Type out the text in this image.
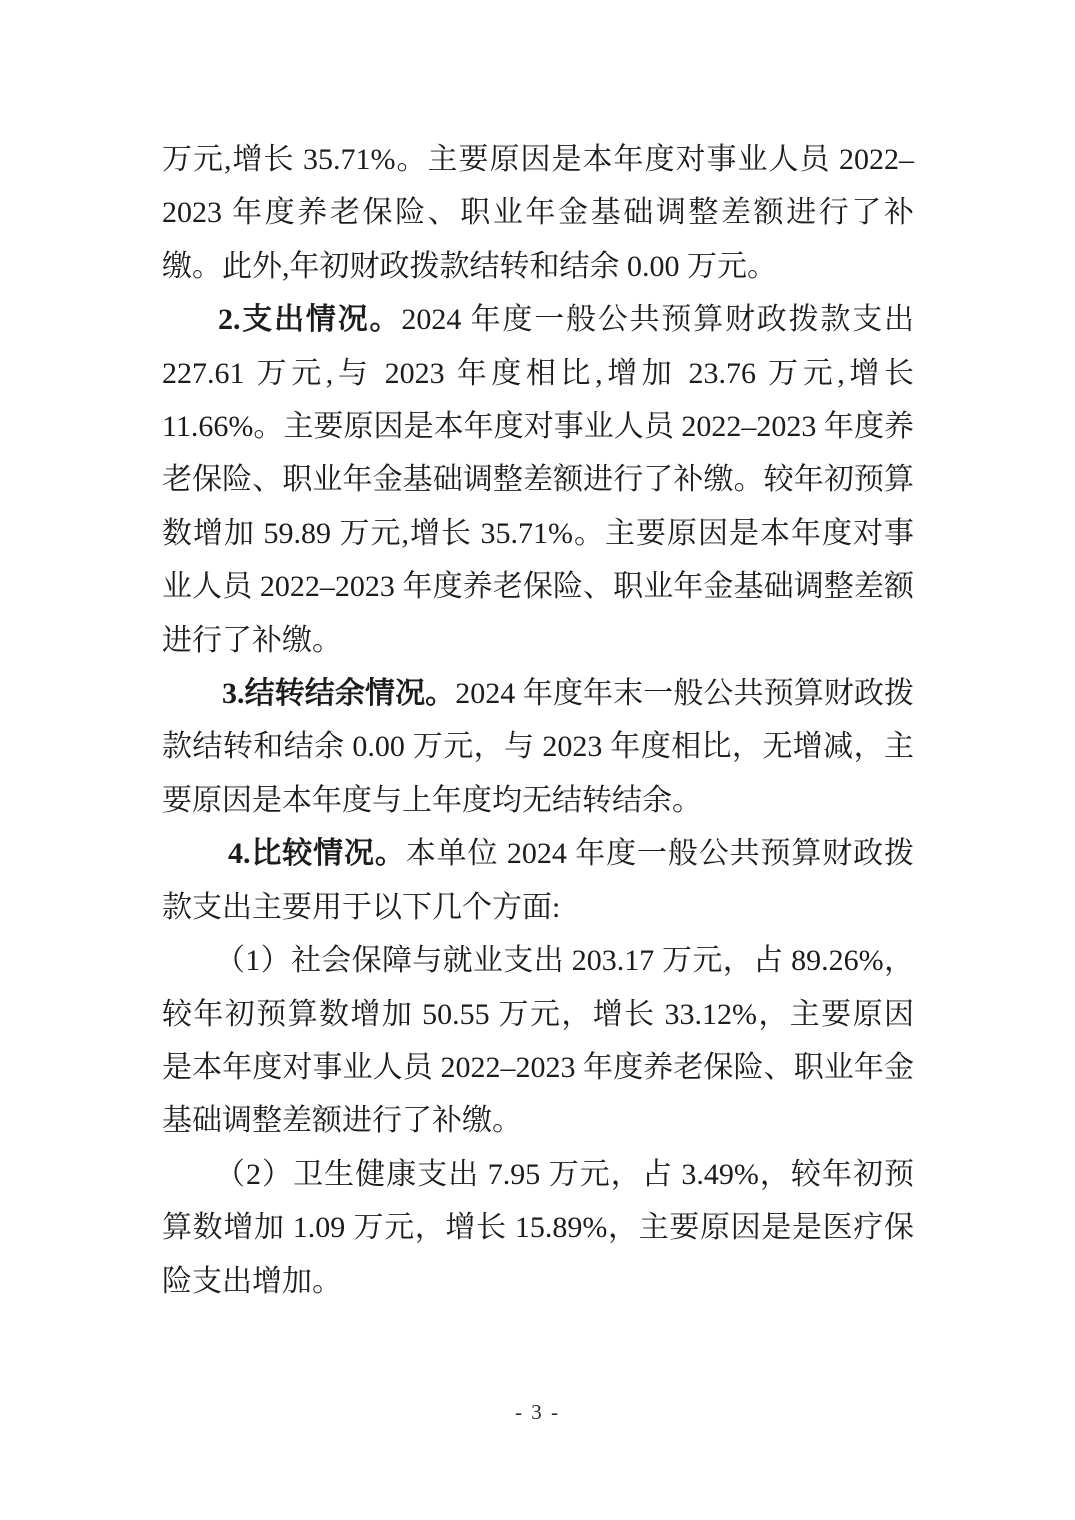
万元,增长 35.71%。主要原因是本年度对事业人员 2022–2023 年度养老保险、职业年金基础调整差额进行了补缴。此外,年初财政拨款结转和结余 0.00 万元。

2.支出情况。2024 年度一般公共预算财政拨款支出 227.61 万元,与 2023 年度相比,增加 23.76 万元,增长 11.66%。主要原因是本年度对事业人员 2022–2023 年度养老保险、职业年金基础调整差额进行了补缴。较年初预算数增加 59.89 万元,增长 35.71%。主要原因是本年度对事业人员 2022–2023 年度养老保险、职业年金基础调整差额进行了补缴。

3.结转结余情况。2024 年度年末一般公共预算财政拨款结转和结余 0.00 万元，与 2023 年度相比，无增减，主要原因是本年度与上年度均无结转结余。

4.比较情况。本单位 2024 年度一般公共预算财政拨款支出主要用于以下几个方面:

（1）社会保障与就业支出 203.17 万元，占 89.26%，较年初预算数增加 50.55 万元，增长 33.12%，主要原因是本年度对事业人员 2022–2023 年度养老保险、职业年金基础调整差额进行了补缴。

（2）卫生健康支出 7.95 万元，占 3.49%，较年初预算数增加 1.09 万元，增长 15.89%，主要原因是是医疗保险支出增加。

- 3 -
